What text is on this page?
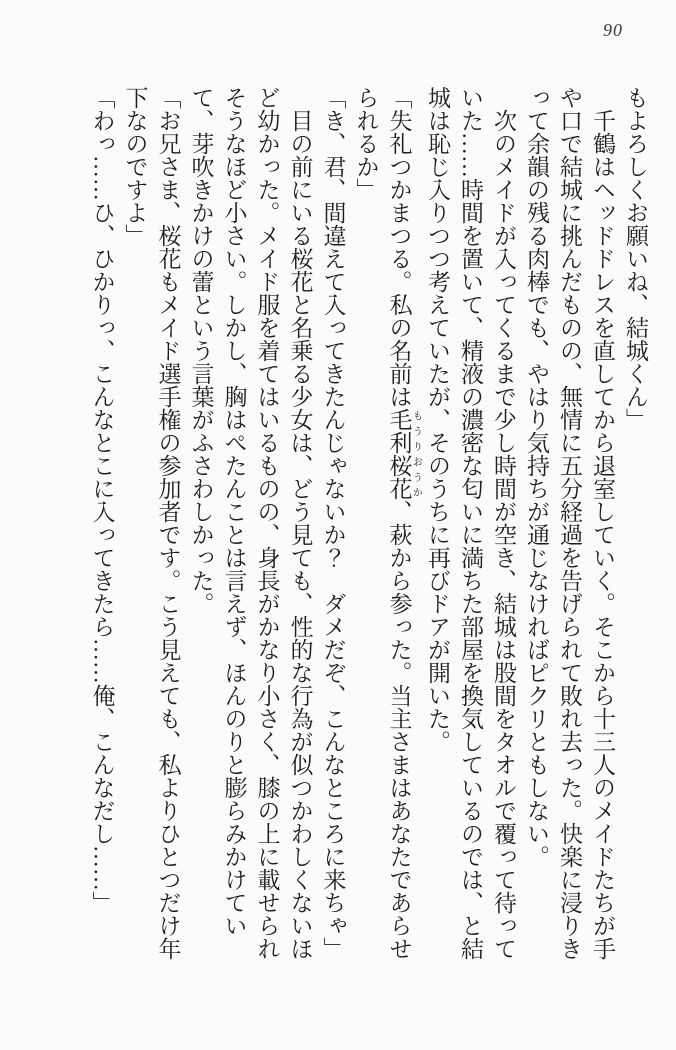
90

もよろしくお願いね、結城くん」

　千鶴はヘッドドレスを直してから退室していく。そこから十三人のメイドたちが手や口で結城に挑んだものの、無情に五分経過を告げられて敗れ去った。快楽に浸りきって余韻の残る肉棒でも、やはり気持ちが通じなければピクリともしない。

　次のメイドが入ってくるまで少し時間が空き、結城は股間をタオルで覆って待っていた……時間を置いて、精液の濃密な匂いに満ちた部屋を換気しているのでは、と結城は恥じ入りつつ考えていたが、そのうちに再びドアが開いた。

「失礼つかまつる。私の名前は毛利 もうり桜花 おうか、萩から参った。当主さまはあなたであらせられるか」

「き、君、間違えて入ってきたんじゃないか？　ダメだぞ、こんなところに来ちゃ」

　目の前にいる桜花と名乗る少女は、どう見ても、性的な行為が似つかわしくないほど幼かった。メイド服を着てはいるものの、身長がかなり小さく、膝の上に載せられそうなほど小さい。しかし、胸はぺたんことは言えず、ほんのりと膨らみかけていて、芽吹きかけの蕾という言葉がふさわしかった。

「お兄さま、桜花もメイド選手権の参加者です。こう見えても、私よりひとつだけ年下なのですよ」

「わっ……ひ、ひかりっ、こんなとこに入ってきたら……俺、こんなだし……」
